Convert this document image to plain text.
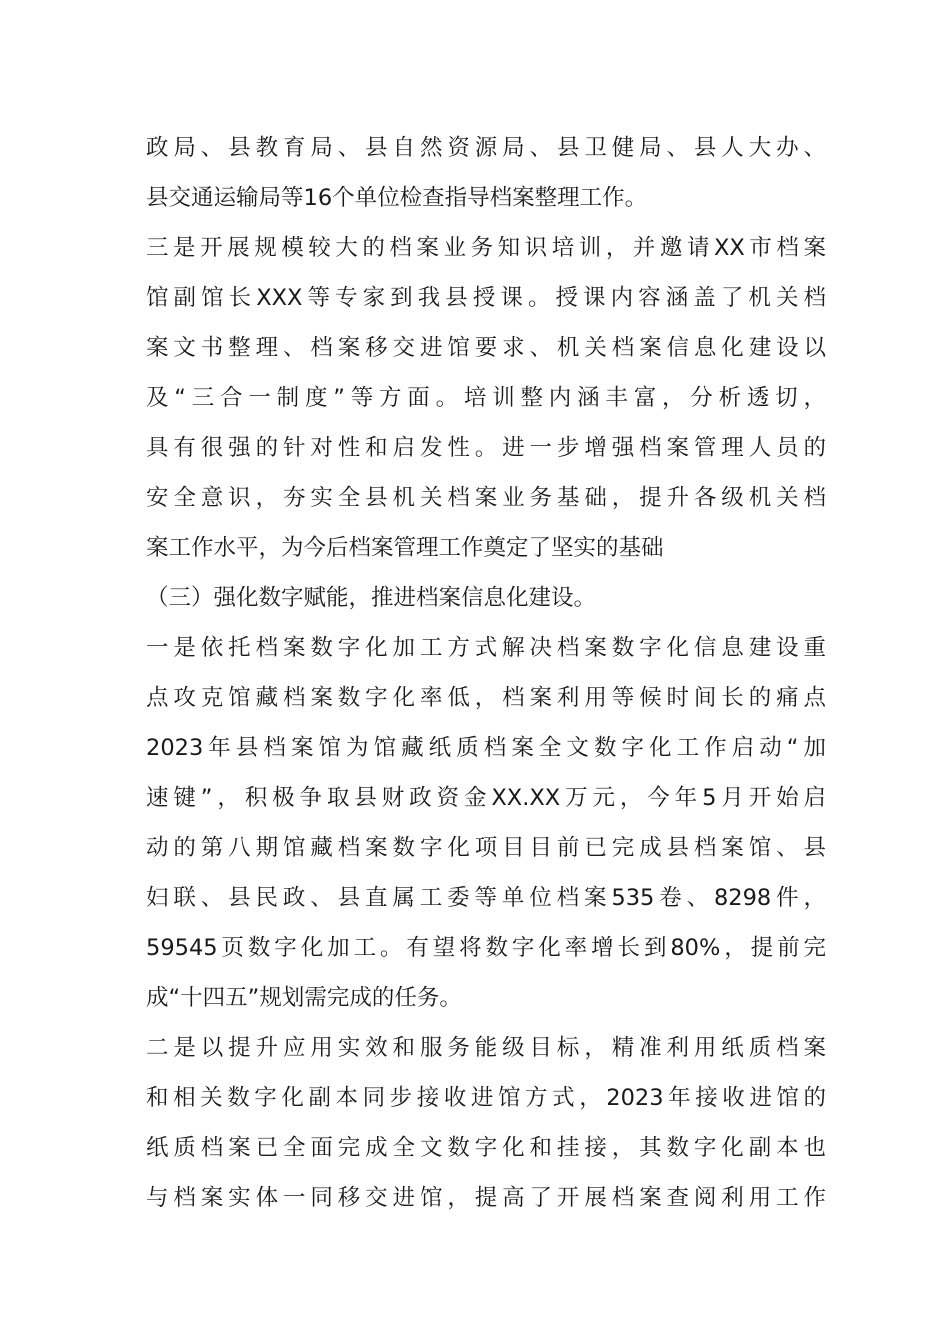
政局、县教育局、县自然资源局、县卫健局、县人大办、
县交通运输局等16个单位检查指导档案整理工作。
三是开展规模较大的档案业务知识培训，并邀请XX市档案
馆副馆长XXX等专家到我县授课。授课内容涵盖了机关档
案文书整理、档案移交进馆要求、机关档案信息化建设以
及“三合一制度”等方面。培训整内涵丰富，分析透切，
具有很强的针对性和启发性。进一步增强档案管理人员的
安全意识，夯实全县机关档案业务基础，提升各级机关档
案工作水平，为今后档案管理工作奠定了坚实的基础
（三）强化数字赋能，推进档案信息化建设。
一是依托档案数字化加工方式解决档案数字化信息建设重
点攻克馆藏档案数字化率低，档案利用等候时间长的痛点
2023年县档案馆为馆藏纸质档案全文数字化工作启动“加
速键”，积极争取县财政资金XX.XX万元，今年5月开始启
动的第八期馆藏档案数字化项目目前已完成县档案馆、县
妇联、县民政、县直属工委等单位档案535卷、8298件，
59545页数字化加工。有望将数字化率增长到80%，提前完
成“十四五”规划需完成的任务。
二是以提升应用实效和服务能级目标，精准利用纸质档案
和相关数字化副本同步接收进馆方式，2023年接收进馆的
纸质档案已全面完成全文数字化和挂接，其数字化副本也
与档案实体一同移交进馆，提高了开展档案查阅利用工作
